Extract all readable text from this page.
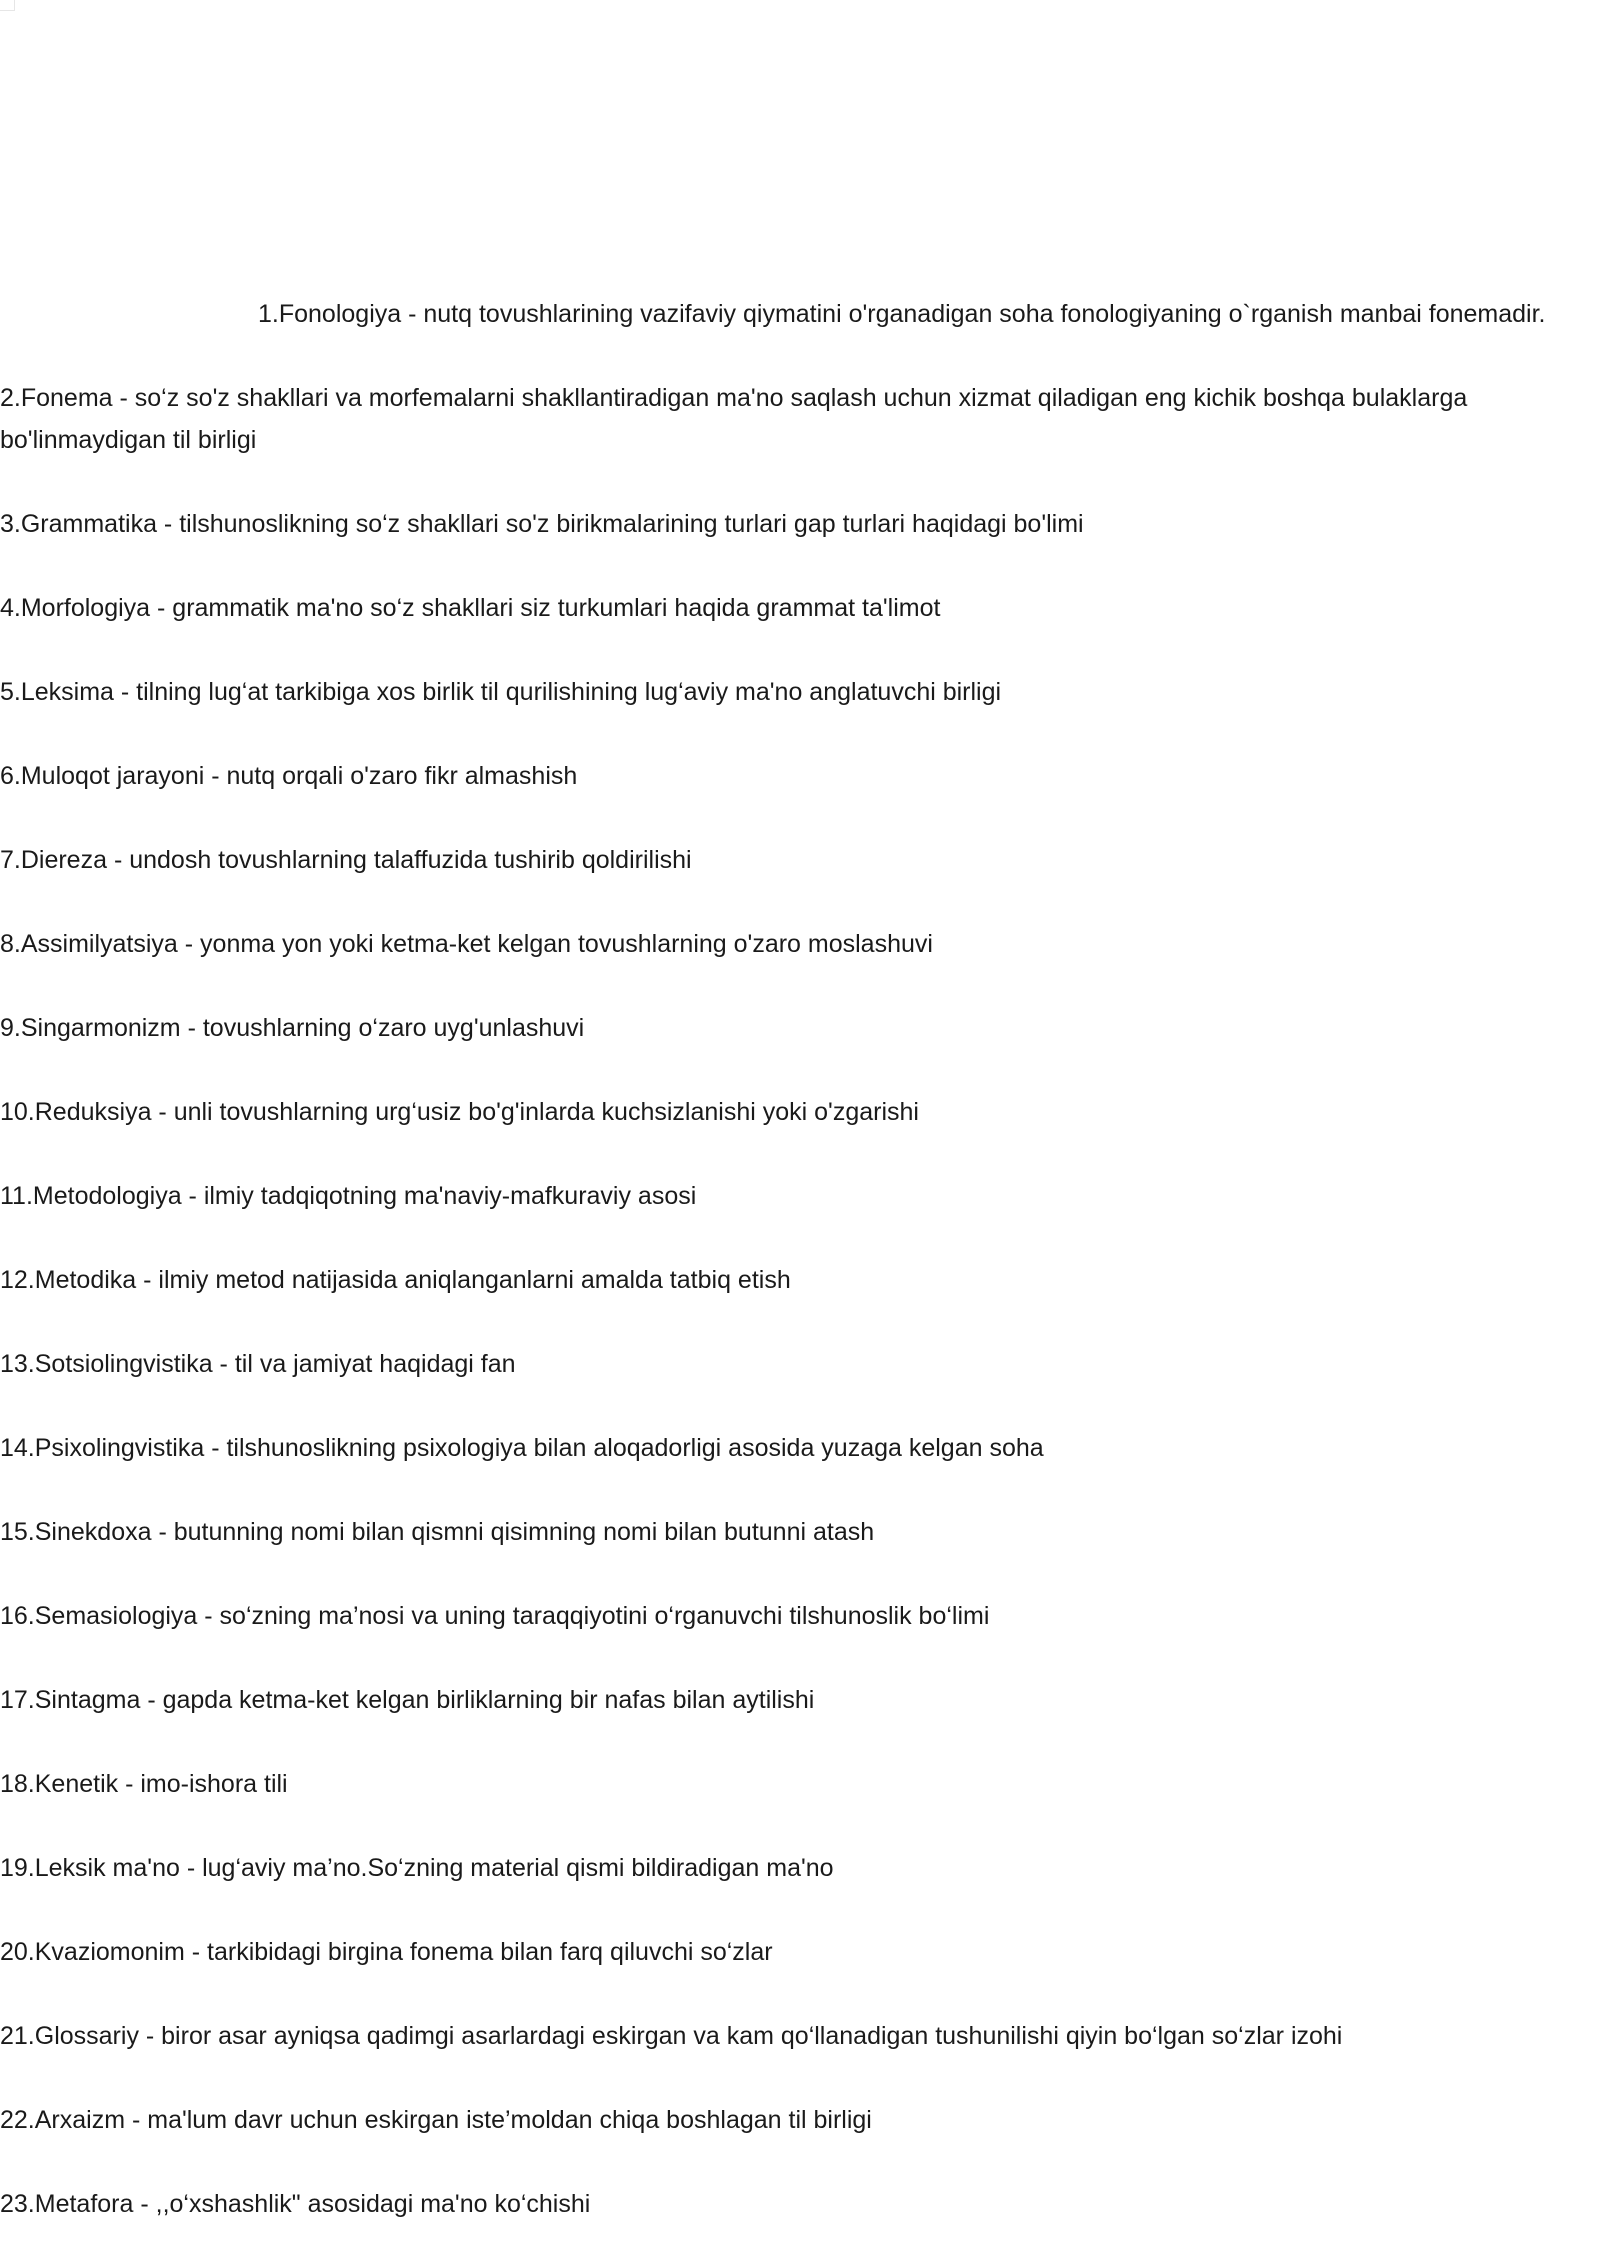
1.Fonologiya - nutq tovushlarining vazifaviy qiymatini o'rganadigan soha fonologiyaning o`rganish manbai fonemadir.
2.Fonema - so‘z so'z shakllari va morfemalarni shakllantiradigan ma'no saqlash uchun xizmat qiladigan eng kichik boshqa bulaklarga bo'linmaydigan til birligi
3.Grammatika - tilshunoslikning so‘z shakllari so'z birikmalarining turlari gap turlari haqidagi bo'limi
4.Morfologiya - grammatik ma'no so‘z shakllari siz turkumlari haqida grammat ta'limot
5.Leksima - tilning lug‘at tarkibiga xos birlik til qurilishining lug‘aviy ma'no anglatuvchi birligi
6.Muloqot jarayoni - nutq orqali o'zaro fikr almashish
7.Diereza - undosh tovushlarning talaffuzida tushirib qoldirilishi
8.Assimilyatsiya - yonma yon yoki ketma-ket kelgan tovushlarning o'zaro moslashuvi
9.Singarmonizm - tovushlarning o‘zaro uyg'unlashuvi
10.Reduksiya - unli tovushlarning urg‘usiz bo'g'inlarda kuchsizlanishi yoki o'zgarishi
11.Metodologiya - ilmiy tadqiqotning ma'naviy-mafkuraviy asosi
12.Metodika - ilmiy metod natijasida aniqlanganlarni amalda tatbiq etish
13.Sotsiolingvistika - til va jamiyat haqidagi fan
14.Psixolingvistika - tilshunoslikning psixologiya bilan aloqadorligi asosida yuzaga kelgan soha
15.Sinekdoxa - butunning nomi bilan qismni qisimning nomi bilan butunni atash
16.Semasiologiya - so‘zning ma’nosi va uning taraqqiyotini o‘rganuvchi tilshunoslik bo‘limi
17.Sintagma - gapda ketma-ket kelgan birliklarning bir nafas bilan aytilishi
18.Kenetik - imo-ishora tili
19.Leksik ma'no - lug‘aviy ma’no.So‘zning material qismi bildiradigan ma'no
20.Kvaziomonim - tarkibidagi birgina fonema bilan farq qiluvchi so‘zlar
21.Glossariy - biror asar ayniqsa qadimgi asarlardagi eskirgan va kam qo‘llanadigan tushunilishi qiyin bo‘lgan so‘zlar izohi
22.Arxaizm - ma'lum davr uchun eskirgan iste’moldan chiqa boshlagan til birligi
23.Metafora - ,,o‘xshashlik" asosidagi ma'no ko‘chishi
